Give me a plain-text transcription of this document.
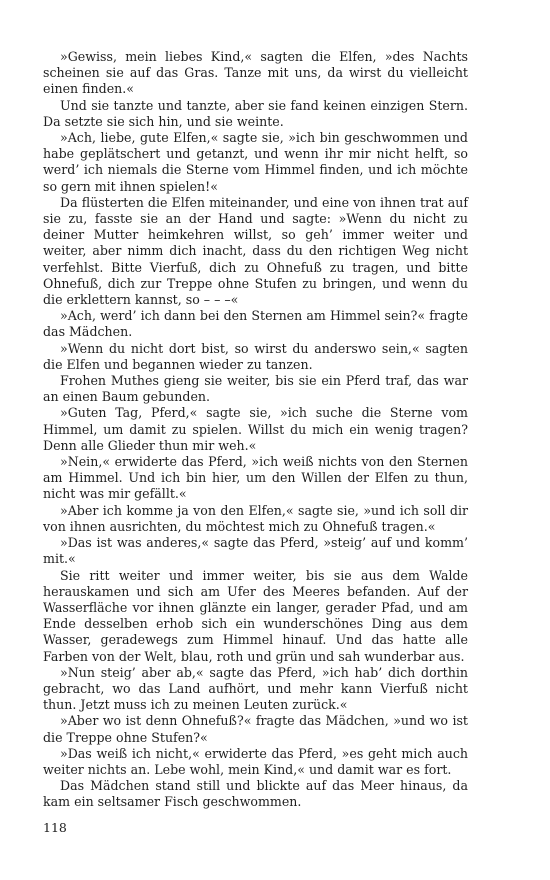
»Gewiss, mein liebes Kind,« sagten die Elfen, »des Nachts scheinen sie auf das Gras. Tanze mit uns, da wirst du vielleicht einen finden.«

Und sie tanzte und tanzte, aber sie fand keinen einzigen Stern. Da setzte sie sich hin, und sie weinte.

»Ach, liebe, gute Elfen,« sagte sie, »ich bin geschwommen und habe geplätschert und getanzt, und wenn ihr mir nicht helft, so werd’ ich niemals die Sterne vom Himmel finden, und ich möchte so gern mit ihnen spielen!«

Da flüsterten die Elfen miteinander, und eine von ihnen trat auf sie zu, fasste sie an der Hand und sagte: »Wenn du nicht zu deiner Mutter heimkehren willst, so geh’ immer weiter und weiter, aber nimm dich inacht, dass du den richtigen Weg nicht verfehlst. Bitte Vierfuß, dich zu Ohnefuß zu tragen, und bitte Ohnefuß, dich zur Treppe ohne Stufen zu bringen, und wenn du die erklettern kannst, so – – –«

»Ach, werd’ ich dann bei den Sternen am Himmel sein?« fragte das Mädchen.

»Wenn du nicht dort bist, so wirst du anderswo sein,« sagten die Elfen und begannen wieder zu tanzen.

Frohen Muthes gieng sie weiter, bis sie ein Pferd traf, das war an einen Baum gebunden.

»Guten Tag, Pferd,« sagte sie, »ich suche die Sterne vom Himmel, um damit zu spielen. Willst du mich ein wenig tragen? Denn alle Glieder thun mir weh.«

»Nein,« erwiderte das Pferd, »ich weiß nichts von den Sternen am Himmel. Und ich bin hier, um den Willen der Elfen zu thun, nicht was mir gefällt.«

»Aber ich komme ja von den Elfen,« sagte sie, »und ich soll dir von ihnen ausrichten, du möchtest mich zu Ohnefuß tragen.«

»Das ist was anderes,« sagte das Pferd, »steig’ auf und komm’ mit.«

Sie ritt weiter und immer weiter, bis sie aus dem Walde herauskamen und sich am Ufer des Meeres befanden. Auf der Wasserfläche vor ihnen glänzte ein langer, gerader Pfad, und am Ende desselben erhob sich ein wunderschönes Ding aus dem Wasser, geradewegs zum Himmel hinauf. Und das hatte alle Farben von der Welt, blau, roth und grün und sah wunderbar aus.

»Nun steig’ aber ab,« sagte das Pferd, »ich hab’ dich dorthin gebracht, wo das Land aufhört, und mehr kann Vierfuß nicht thun. Jetzt muss ich zu meinen Leuten zurück.«

»Aber wo ist denn Ohnefuß?« fragte das Mädchen, »und wo ist die Treppe ohne Stufen?«

»Das weiß ich nicht,« erwiderte das Pferd, »es geht mich auch weiter nichts an. Lebe wohl, mein Kind,« und damit war es fort.

Das Mädchen stand still und blickte auf das Meer hinaus, da kam ein seltsamer Fisch geschwommen.

118
